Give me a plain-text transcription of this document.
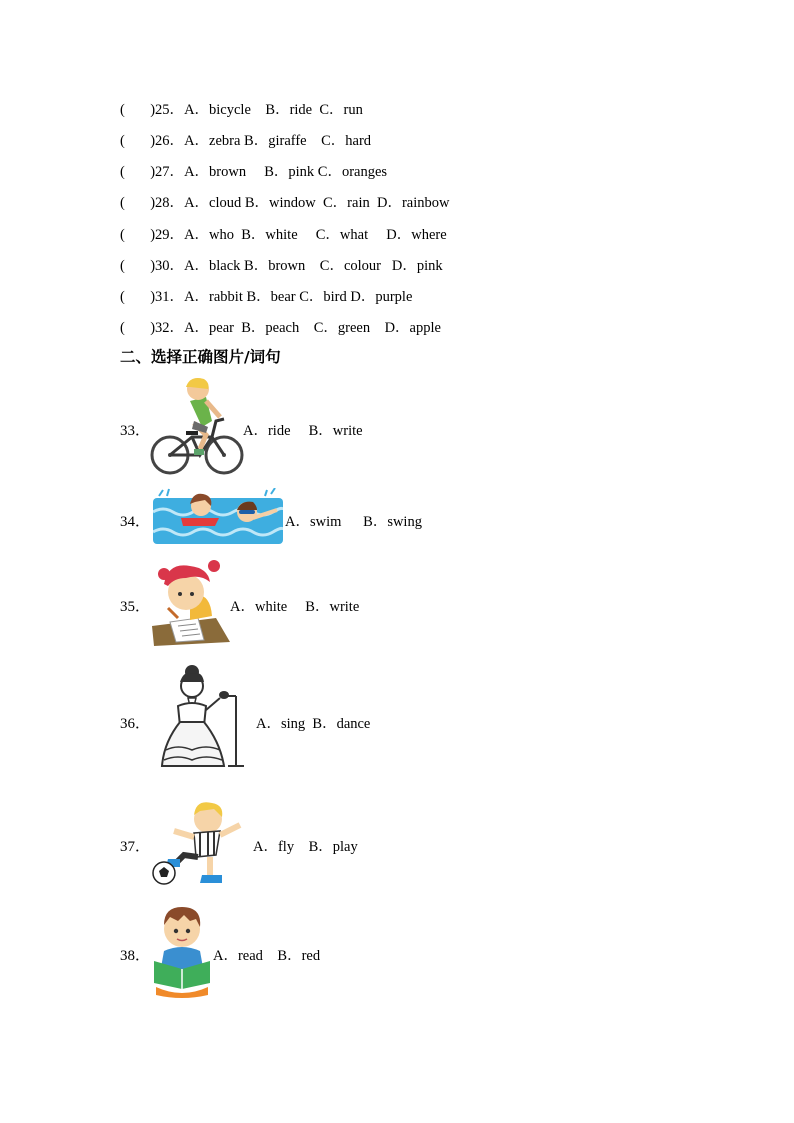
( )25．A．bicycle    B．ride  C．run
( )26．A．zebra B．giraffe    C．hard
( )27．A．brown     B．pink C．oranges
( )28．A．cloud B．window  C．rain  D．rainbow
( )29．A．who  B．white     C．what     D．where
( )30．A．black B．brown    C．colour   D．pink
( )31．A．rabbit B．bear C．bird D．purple
( )32．A．pear  B．peach    C．green    D．apple
二、选择正确图片/词句
33．	A．ride     B．write
34．	A．swim      B．swing
35．	A．white     B．write
36．	A．sing  B．dance
37．	A．fly    B．play
38．	A．read    B．red
